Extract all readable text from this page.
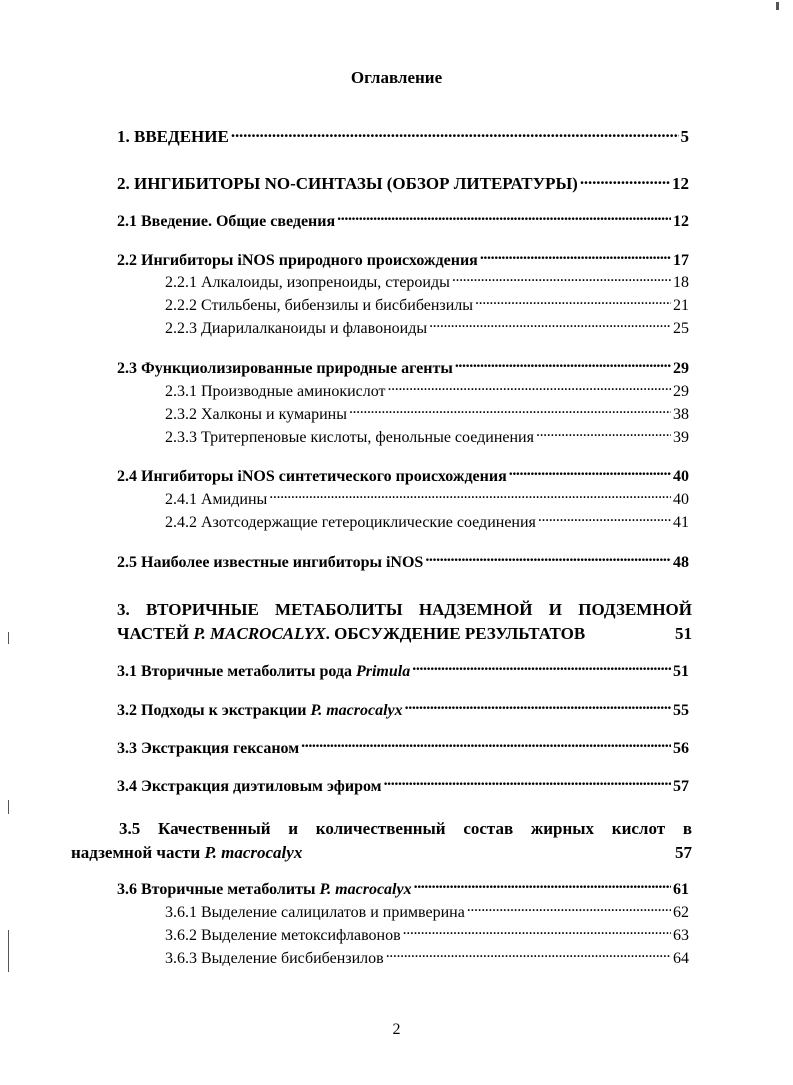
Оглавление
1. ВВЕДЕНИЕ . . .	5
2. ИНГИБИТОРЫ NO-СИНТАЗЫ (ОБЗОР ЛИТЕРАТУРЫ) . . .	12
2.1 Введение. Общие сведения . . .	12
2.2 Ингибиторы iNOS природного происхождения . . .	17
2.2.1 Алкалоиды, изопреноиды, стероиды . . .	18
2.2.2 Стильбены, бибензилы и бисбибензилы . . .	21
2.2.3 Диарилалканоиды и флавоноиды . . .	25
2.3 Функциолизированные природные агенты . . .	29
2.3.1 Производные аминокислот . . .	29
2.3.2 Халконы и кумарины . . .	38
2.3.3 Тритерпеновые кислоты, фенольные соединения . . .	39
2.4 Ингибиторы iNOS синтетического происхождения . . .	40
2.4.1 Амидины . . .	40
2.4.2 Азотсодержащие гетероциклические соединения . . .	41
2.5 Наиболее известные ингибиторы iNOS . . .	48
3. ВТОРИЧНЫЕ МЕТАБОЛИТЫ НАДЗЕМНОЙ И ПОДЗЕМНОЙ
ЧАСТЕЙ P. MACROCALYX. ОБСУЖДЕНИЕ РЕЗУЛЬТАТОВ	51
3.1 Вторичные метаболиты рода Primula . . .	51
3.2 Подходы к экстракции P. macrocalyx . . .	55
3.3 Экстракция гексаном . . .	56
3.4 Экстракция диэтиловым эфиром . . .	57
3.5 Качественный и количественный состав жирных кислот в
надземной части P. macrocalyx	57
3.6 Вторичные метаболиты P. macrocalyx . . .	61
3.6.1 Выделение салицилатов и примверина . . .	62
3.6.2 Выделение метоксифлавонов . . .	63
3.6.3 Выделение бисбибензилов . . .	64
2
